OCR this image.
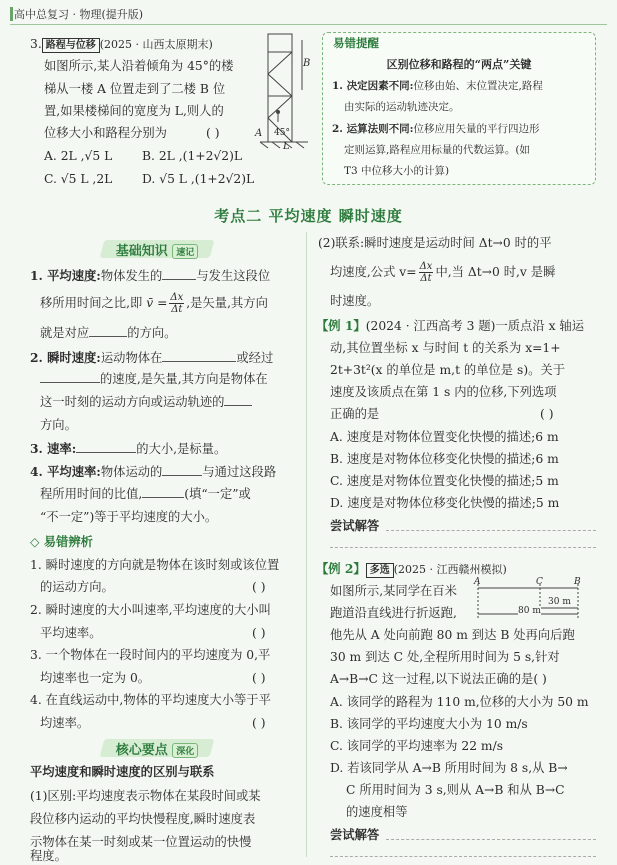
高中总复习 · 物理(提升版)
3. 路程与位移 (2025 · 山西太原期末)
如图所示,某人沿着倾角为 45°的楼
梯从一楼 A 位置走到了二楼 B 位
置,如果楼梯间的宽度为 L,则人的
位移大小和路程分别为	( )
A. 2L ,√5 L B. 2L ,(1+2√2)L
C. √5 L ,2L D. √5 L ,(1+2√2)L
B
A 45°
L
易错提醒
区别位移和路程的“两点”关键
1. 决定因素不同:位移由始、末位置决定,路程
由实际的运动轨迹决定。
2. 运算法则不同:位移应用矢量的平行四边形
定则运算,路程应用标量的代数运算。(如
T3 中位移大小的计算)
考点二 平均速度 瞬时速度
基础知识 速记
1. 平均速度:物体发生的	与发生这段位
移所用时间之比,即 v̄ = $\frac{\Delta x}{\Delta t}$ ,是矢量,其方向
就是对应	的方向。
2. 瞬时速度:运动物体在	或经过
的速度,是矢量,其方向是物体在
这一时刻的运动方向或运动轨迹的
方向。
3. 速率:	的大小,是标量。
4. 平均速率:物体运动的	与通过这段路
程所用时间的比值,	(填“一定”或
“不一定”)等于平均速度的大小。
◇ 易错辨析
1. 瞬时速度的方向就是物体在该时刻或该位置
的运动方向。	( )
2. 瞬时速度的大小叫速率,平均速度的大小叫
平均速率。	( )
3. 一个物体在一段时间内的平均速度为 0,平
均速率也一定为 0。	( )
4. 在直线运动中,物体的平均速度大小等于平
均速率。	( )
核心要点 深化
平均速度和瞬时速度的区别与联系
(1)区别:平均速度表示物体在某段时间或某
段位移内运动的平均快慢程度,瞬时速度表
示物体在某一时刻或某一位置运动的快慢
程度。
(2)联系:瞬时速度是运动时间 Δt→0 时的平
均速度,公式 $v= \frac{\Delta x}{\Delta t}$ 中,当 Δt→0 时,v 是瞬
时速度。
【例 1】(2024 · 江西高考 3 题)一质点沿 x 轴运
动,其位置坐标 x 与时间 t 的关系为 x=1+
2t+3t²(x 的单位是 m,t 的单位是 s)。关于
速度及该质点在第 1 s 内的位移,下列选项
正确的是	( )
A. 速度是对物体位置变化快慢的描述;6 m
B. 速度是对物体位移变化快慢的描述;6 m
C. 速度是对物体位置变化快慢的描述;5 m
D. 速度是对物体位移变化快慢的描述;5 m
尝试解答
【例 2】 多选 (2025 · 江西赣州模拟)
如图所示,某同学在百米
跑道沿直线进行折返跑,
A	C	B
30 m
80 m
他先从 A 处向前跑 80 m 到达 B 处再向后跑
30 m 到达 C 处,全程所用时间为 5 s,针对
A→B→C 这一过程,以下说法正确的是( )
A. 该同学的路程为 110 m,位移的大小为 50 m
B. 该同学的平均速度大小为 10 m/s
C. 该同学的平均速率为 22 m/s
D. 若该同学从 A→B 所用时间为 8 s,从 B→
C 所用时间为 3 s,则从 A→B 和从 B→C
的速度相等
尝试解答
